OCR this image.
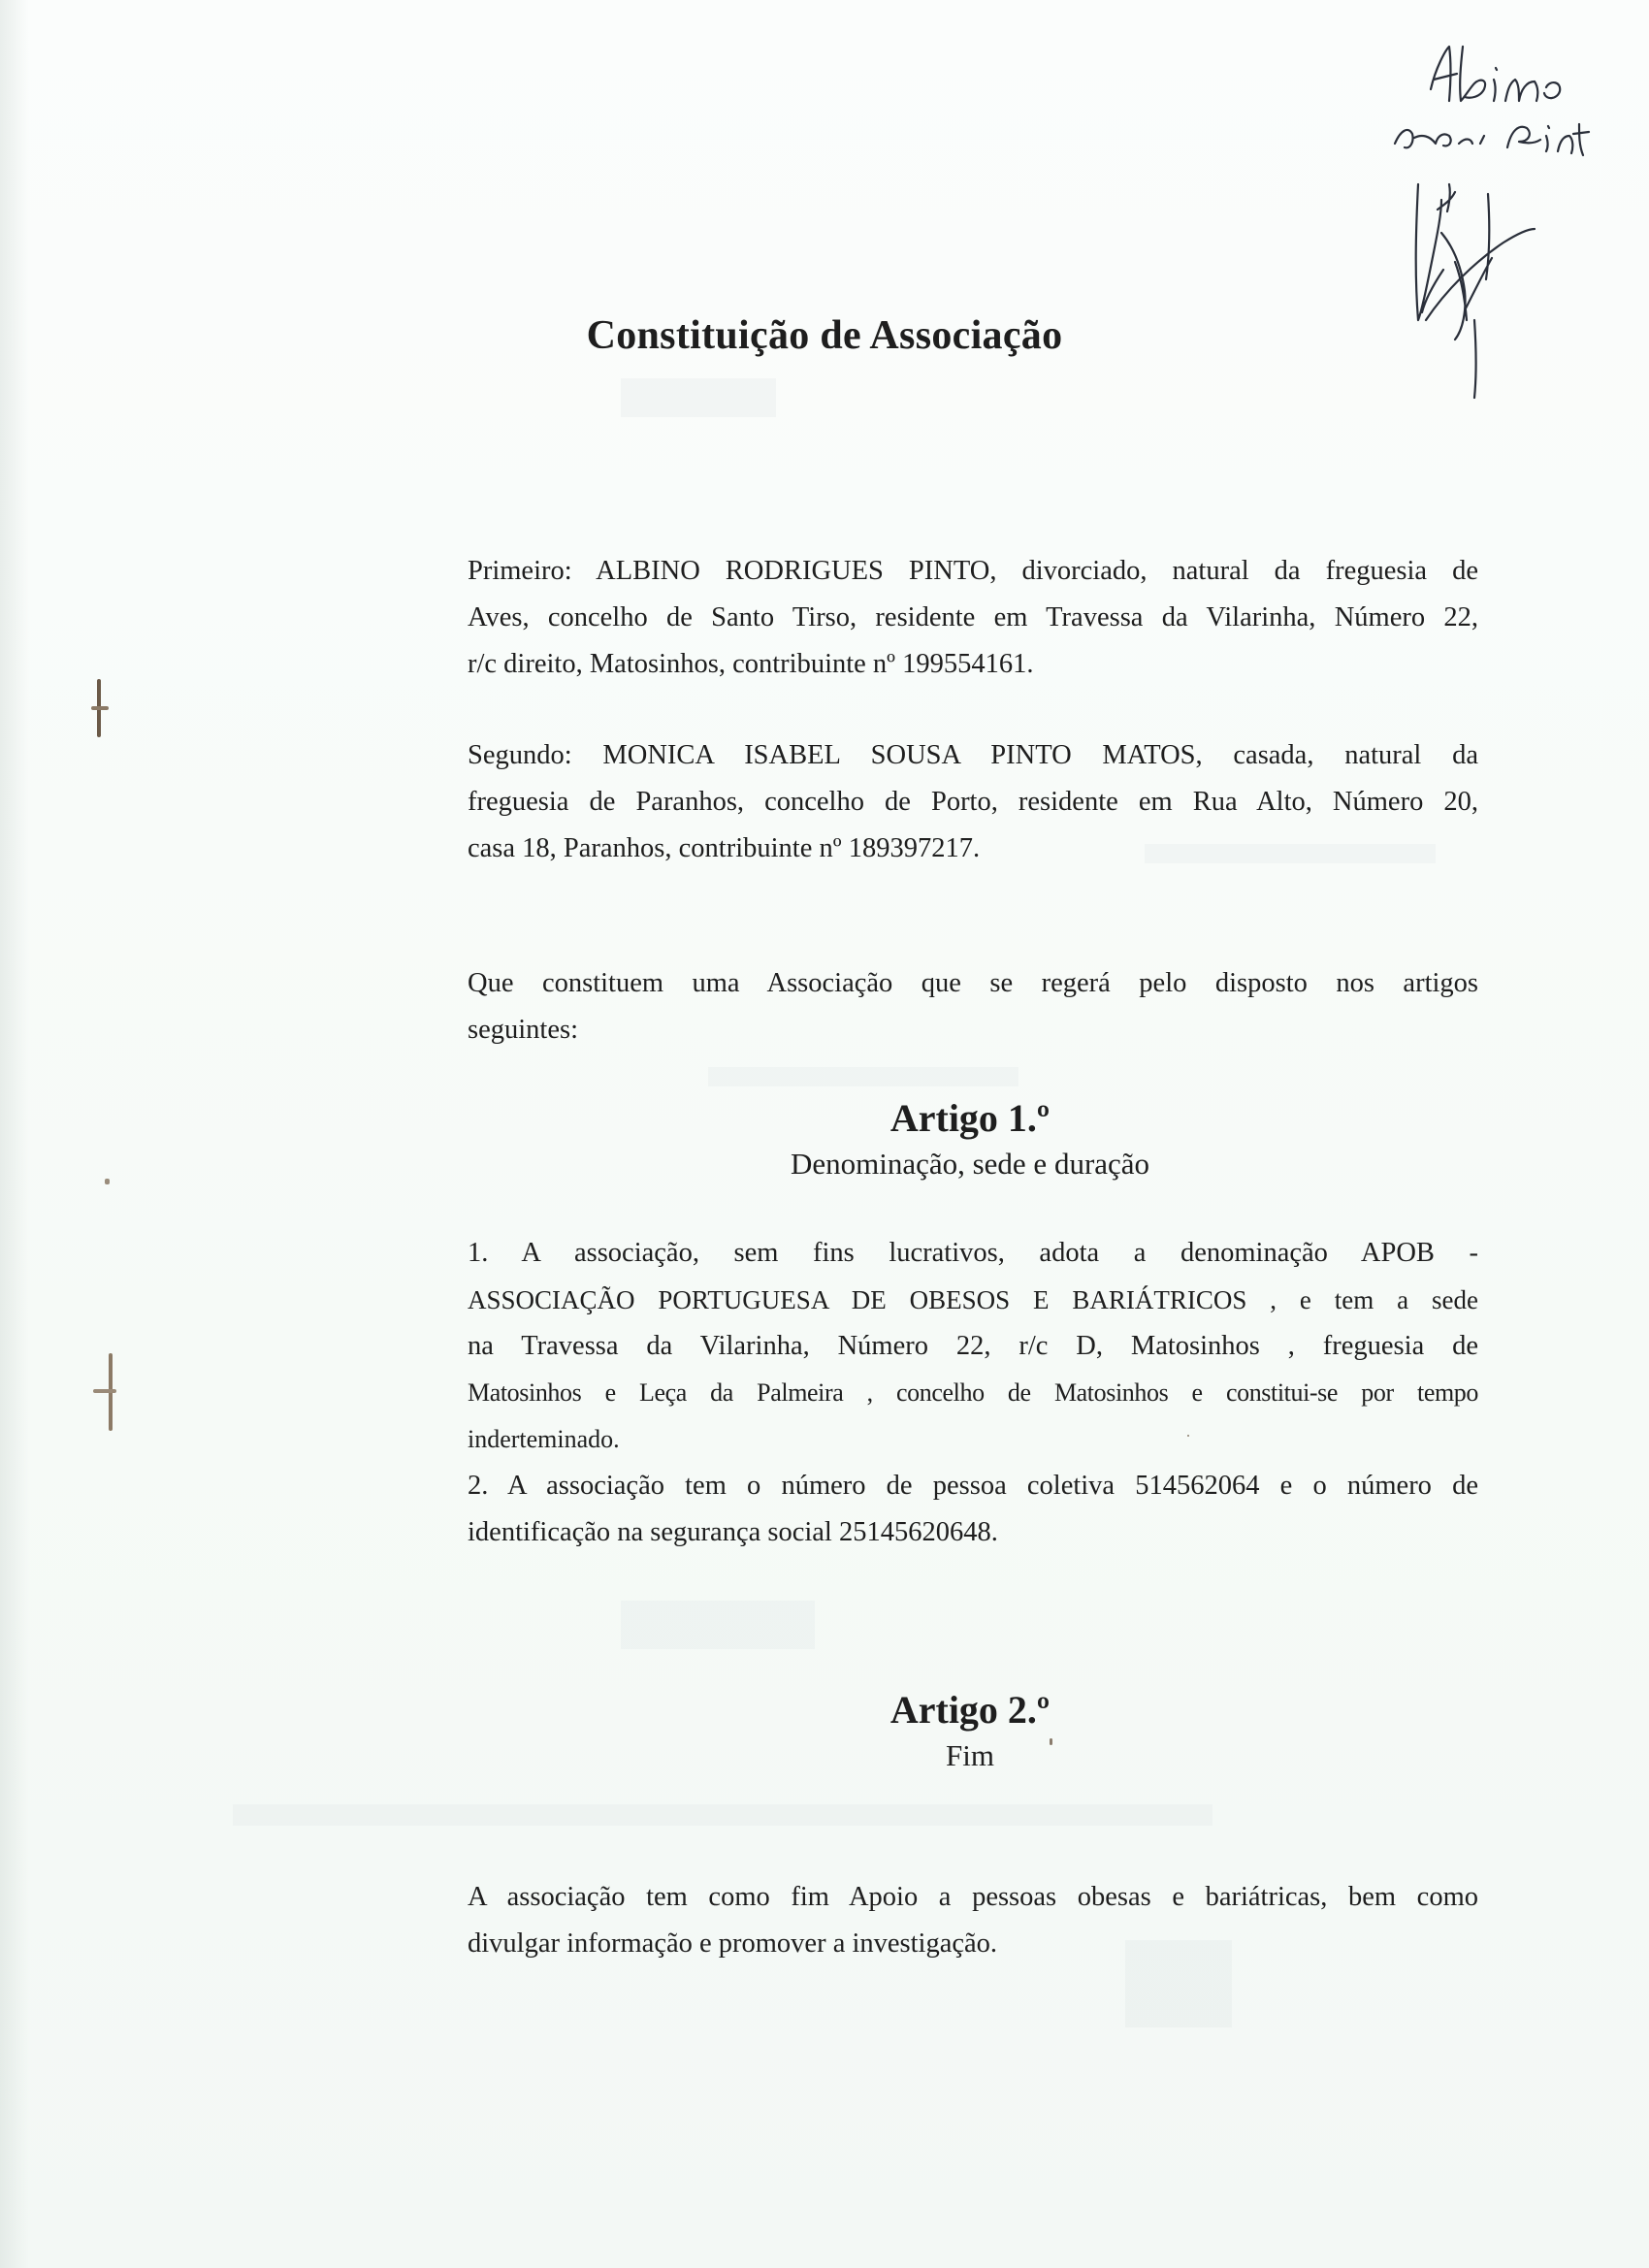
Constituição de Associação

Primeiro: ALBINO RODRIGUES PINTO, divorciado, natural da freguesia de
Aves, concelho de Santo Tirso, residente em Travessa da Vilarinha, Número 22,
r/c direito, Matosinhos, contribuinte nº 199554161.

Segundo: MONICA ISABEL SOUSA PINTO MATOS, casada, natural da
freguesia de Paranhos, concelho de Porto, residente em Rua Alto, Número 20,
casa 18, Paranhos, contribuinte nº 189397217.

Que constituem uma Associação que se regerá pelo disposto nos artigos
seguintes:

Artigo 1.º
Denominação, sede e duração

1. A associação, sem fins lucrativos, adota a denominação APOB -
ASSOCIAÇÃO PORTUGUESA DE OBESOS E BARIÁTRICOS , e tem a sede
na Travessa da Vilarinha, Número 22, r/c D, Matosinhos , freguesia de
Matosinhos e Leça da Palmeira , concelho de Matosinhos e constitui-se por tempo
inderteminado.

2. A associação tem o número de pessoa coletiva 514562064 e o número de
identificação na segurança social 25145620648.

Artigo 2.º
Fim

A associação tem como fim Apoio a pessoas obesas e bariátricas, bem como
divulgar informação e promover a investigação.
